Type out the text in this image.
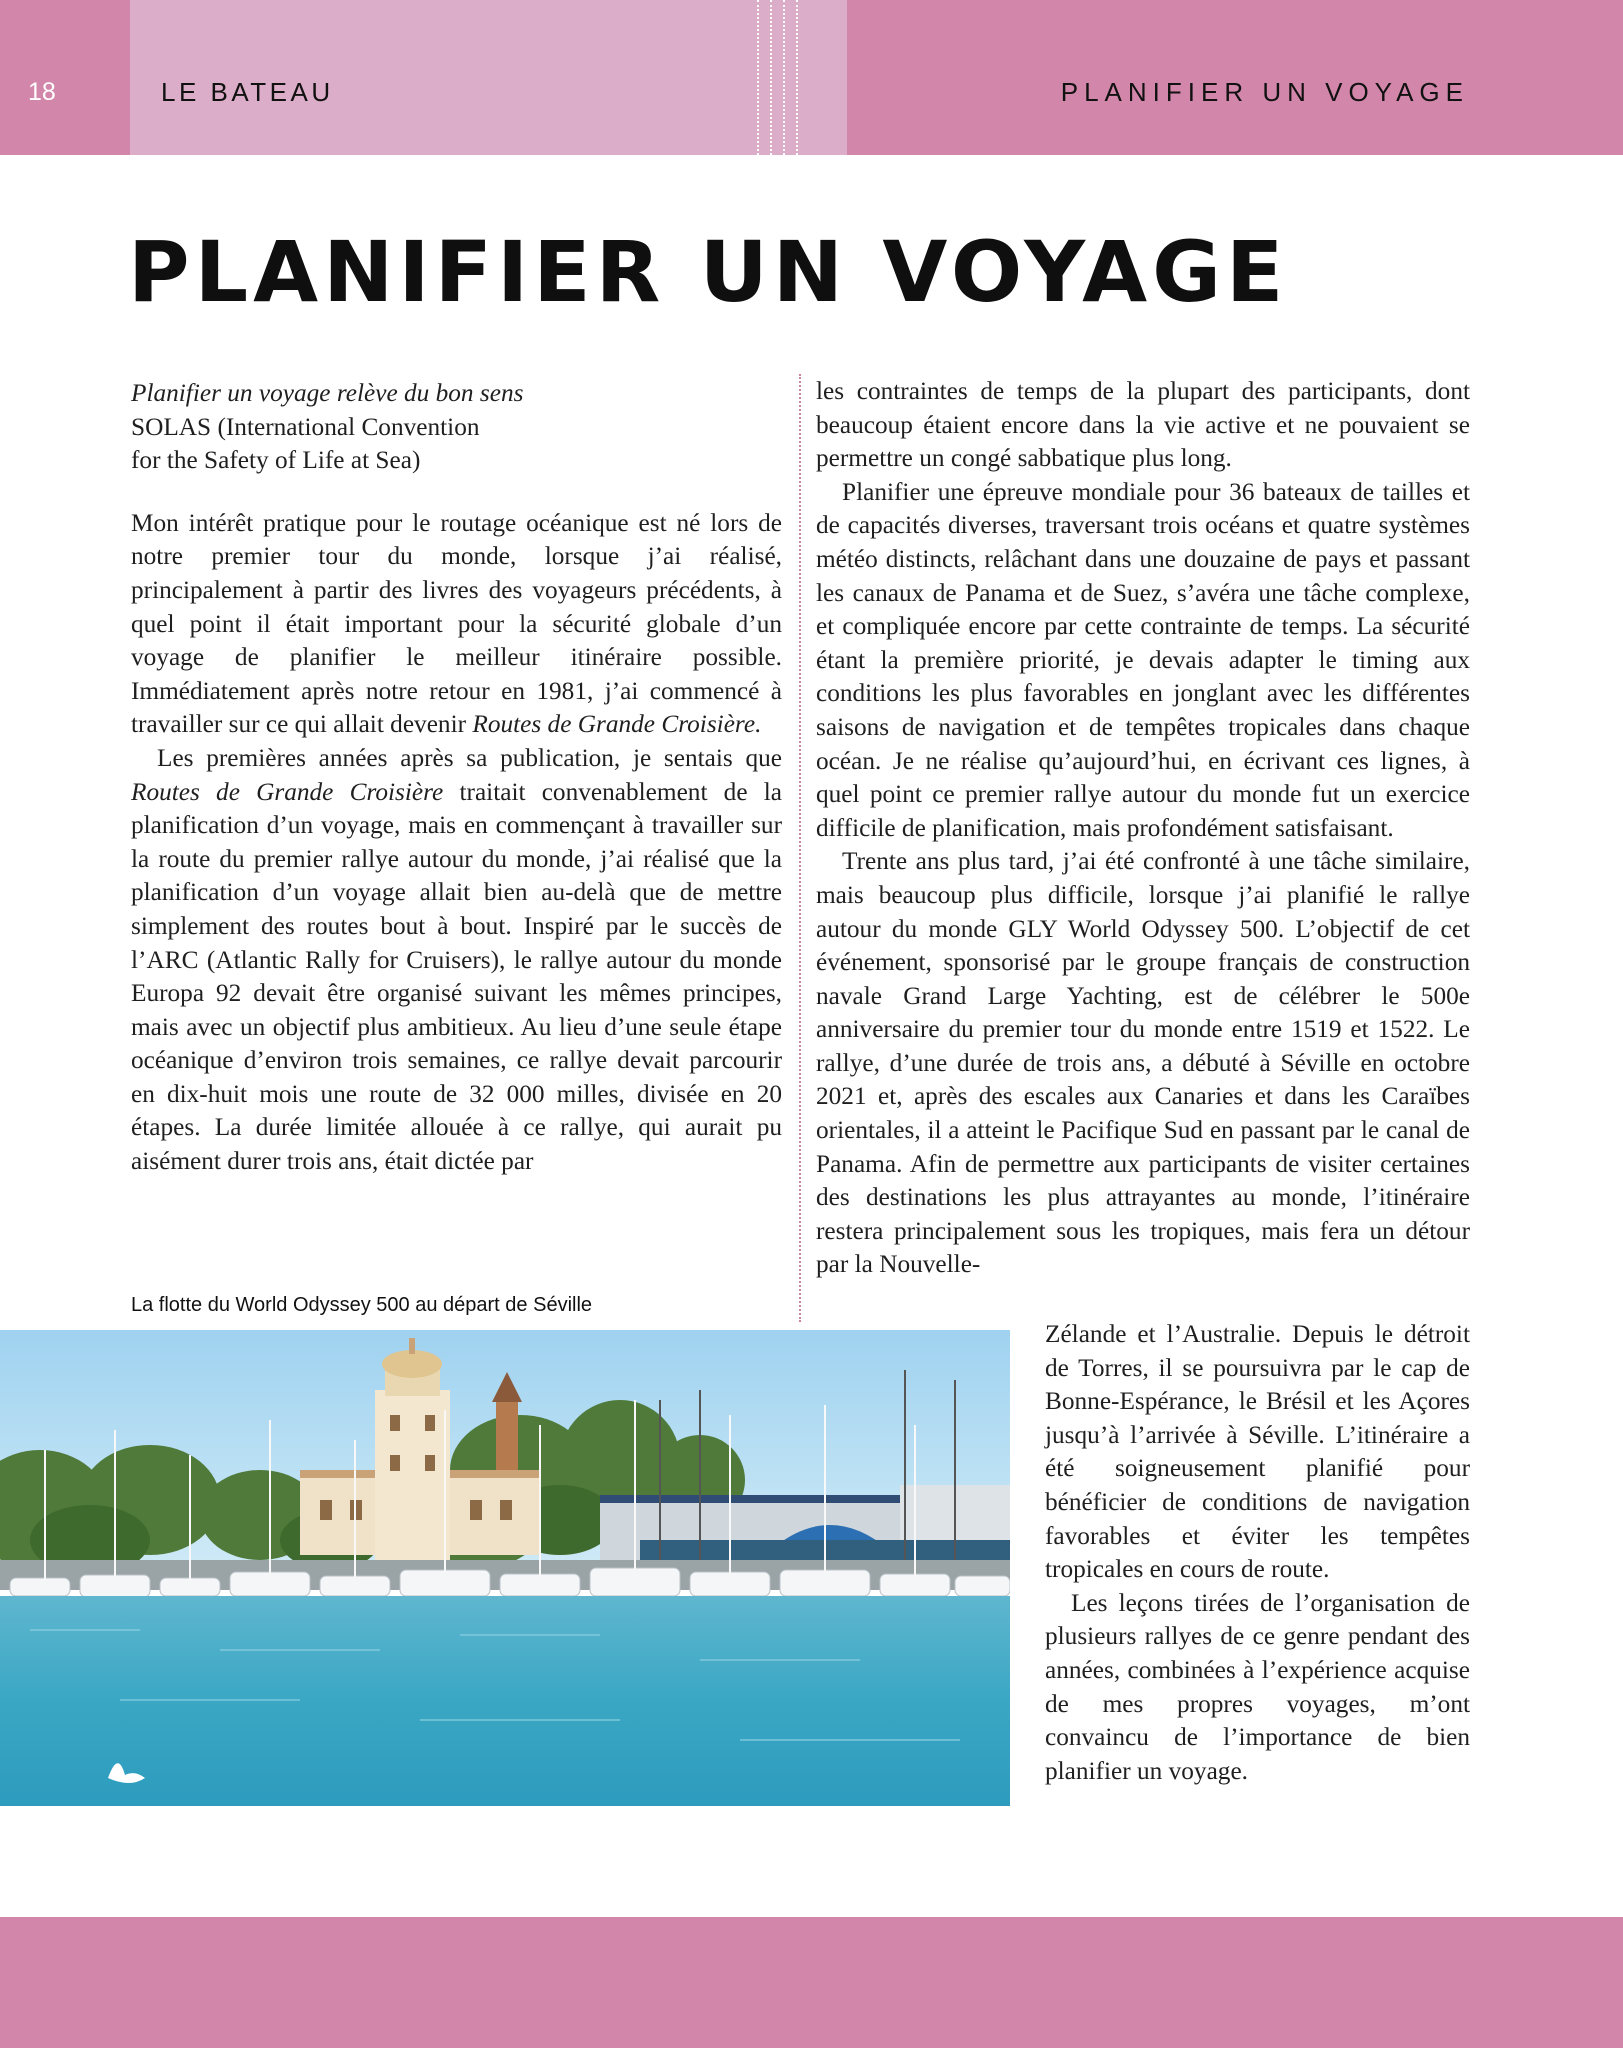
18	LE BATEAU	PLANIFIER UN VOYAGE
PLANIFIER UN VOYAGE

Planifier un voyage relève du bon sens

SOLAS (International Convention
for the Safety of Life at Sea)

Mon intérêt pratique pour le routage océanique est né lors de notre premier tour du monde, lorsque j’ai réalisé, principalement à partir des livres des voyageurs précédents, à quel point il était important pour la sécurité globale d’un voyage de planifier le meilleur itinéraire possible. Immédiatement après notre retour en 1981, j’ai commencé à travailler sur ce qui allait devenir Routes de Grande Croisière.

Les premières années après sa publication, je sentais que Routes de Grande Croisière traitait convenablement de la planification d’un voyage, mais en commençant à travailler sur la route du premier rallye autour du monde, j’ai réalisé que la planification d’un voyage allait bien au-delà que de mettre simplement des routes bout à bout. Inspiré par le succès de l’ARC (Atlantic Rally for Cruisers), le rallye autour du monde Europa 92 devait être organisé suivant les mêmes principes, mais avec un objectif plus ambitieux. Au lieu d’une seule étape océanique d’environ trois semaines, ce rallye devait parcourir en dix-huit mois une route de 32 000 milles, divisée en 20 étapes. La durée limitée allouée à ce rallye, qui aurait pu aisément durer trois ans, était dictée par

les contraintes de temps de la plupart des participants, dont beaucoup étaient encore dans la vie active et ne pouvaient se permettre un congé sabbatique plus long.

Planifier une épreuve mondiale pour 36 bateaux de tailles et de capacités diverses, traversant trois océans et quatre systèmes météo distincts, relâchant dans une douzaine de pays et passant les canaux de Panama et de Suez, s’avéra une tâche complexe, et compliquée encore par cette contrainte de temps. La sécurité étant la première priorité, je devais adapter le timing aux conditions les plus favorables en jonglant avec les différentes saisons de navigation et de tempêtes tropicales dans chaque océan. Je ne réalise qu’aujourd’hui, en écrivant ces lignes, à quel point ce premier rallye autour du monde fut un exercice difficile de planification, mais profondément satisfaisant.

Trente ans plus tard, j’ai été confronté à une tâche similaire, mais beaucoup plus difficile, lorsque j’ai planifié le rallye autour du monde GLY World Odyssey 500. L’objectif de cet événement, sponsorisé par le groupe français de construction navale Grand Large Yachting, est de célébrer le 500e anniversaire du premier tour du monde entre 1519 et 1522. Le rallye, d’une durée de trois ans, a débuté à Séville en octobre 2021 et, après des escales aux Canaries et dans les Caraïbes orientales, il a atteint le Pacifique Sud en passant par le canal de Panama. Afin de permettre aux participants de visiter certaines des destinations les plus attrayantes au monde, l’itinéraire restera principalement sous les tropiques, mais fera un détour par la Nouvelle-

Zélande et l’Australie. Depuis le détroit de Torres, il se poursuivra par le cap de Bonne-Espérance, le Brésil et les Açores jusqu’à l’arrivée à Séville. L’itinéraire a été soigneusement planifié pour bénéficier de conditions de navigation favorables et éviter les tempêtes tropicales en cours de route.

Les leçons tirées de l’organisation de plusieurs rallyes de ce genre pendant des années, combinées à l’expérience acquise de mes propres voyages, m’ont convaincu de l’importance de bien planifier un voyage.

La flotte du World Odyssey 500 au départ de Séville
